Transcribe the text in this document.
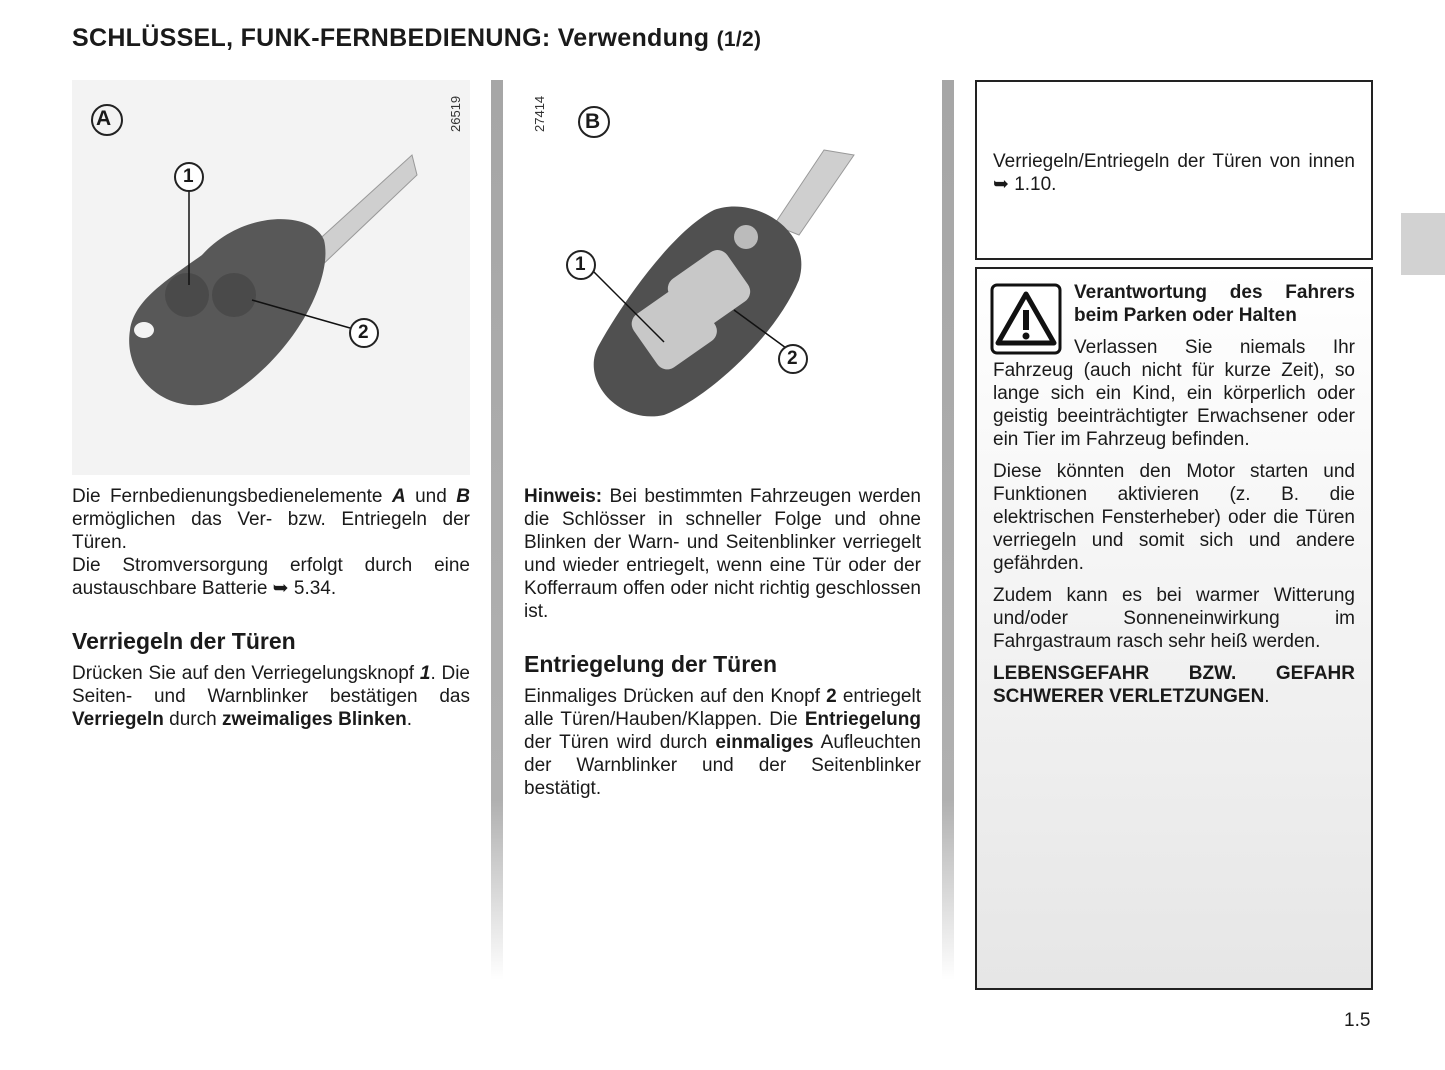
SCHLÜSSEL, FUNK-FERNBEDIENUNG: Verwendung (1/2)
A
1
2
26519	B
1
2
27414

Die Fernbedienungsbedienelemente A und B ermöglichen das Ver- bzw. Entriegeln der Türen.

Die Stromversorgung erfolgt durch eine austauschbare Batterie ➥ 5.34.

Verriegeln der Türen

Drücken Sie auf den Verriegelungsknopf 1. Die Seiten- und Warnblinker bestätigen das Verriegeln durch zweimaliges Blinken.

Hinweis: Bei bestimmten Fahrzeugen werden die Schlösser in schneller Folge und ohne Blinken der Warn- und Seitenblinker verriegelt und wieder entriegelt, wenn eine Tür oder der Kofferraum offen oder nicht richtig geschlossen ist.

Entriegelung der Türen

Einmaliges Drücken auf den Knopf 2 entriegelt alle Türen/Hauben/Klappen. Die Entriegelung der Türen wird durch einmaliges Aufleuchten der Warnblinker und der Seitenblinker bestätigt.

Verriegeln/Entriegeln der Türen von innen ➥ 1.10.

Verantwortung des Fahrers beim Parken oder Halten

Verlassen Sie niemals Ihr Fahrzeug (auch nicht für kurze Zeit), so lange sich ein Kind, ein körperlich oder geistig beeinträchtigter Erwachsener oder ein Tier im Fahrzeug befinden.

Diese könnten den Motor starten und Funktionen aktivieren (z. B. die elektrischen Fensterheber) oder die Türen verriegeln und somit sich und andere gefährden.

Zudem kann es bei warmer Witterung und/oder Sonneneinwirkung im Fahrgastraum rasch sehr heiß werden.

LEBENSGEFAHR BZW. GEFAHR SCHWERER VERLETZUNGEN.

1.5
